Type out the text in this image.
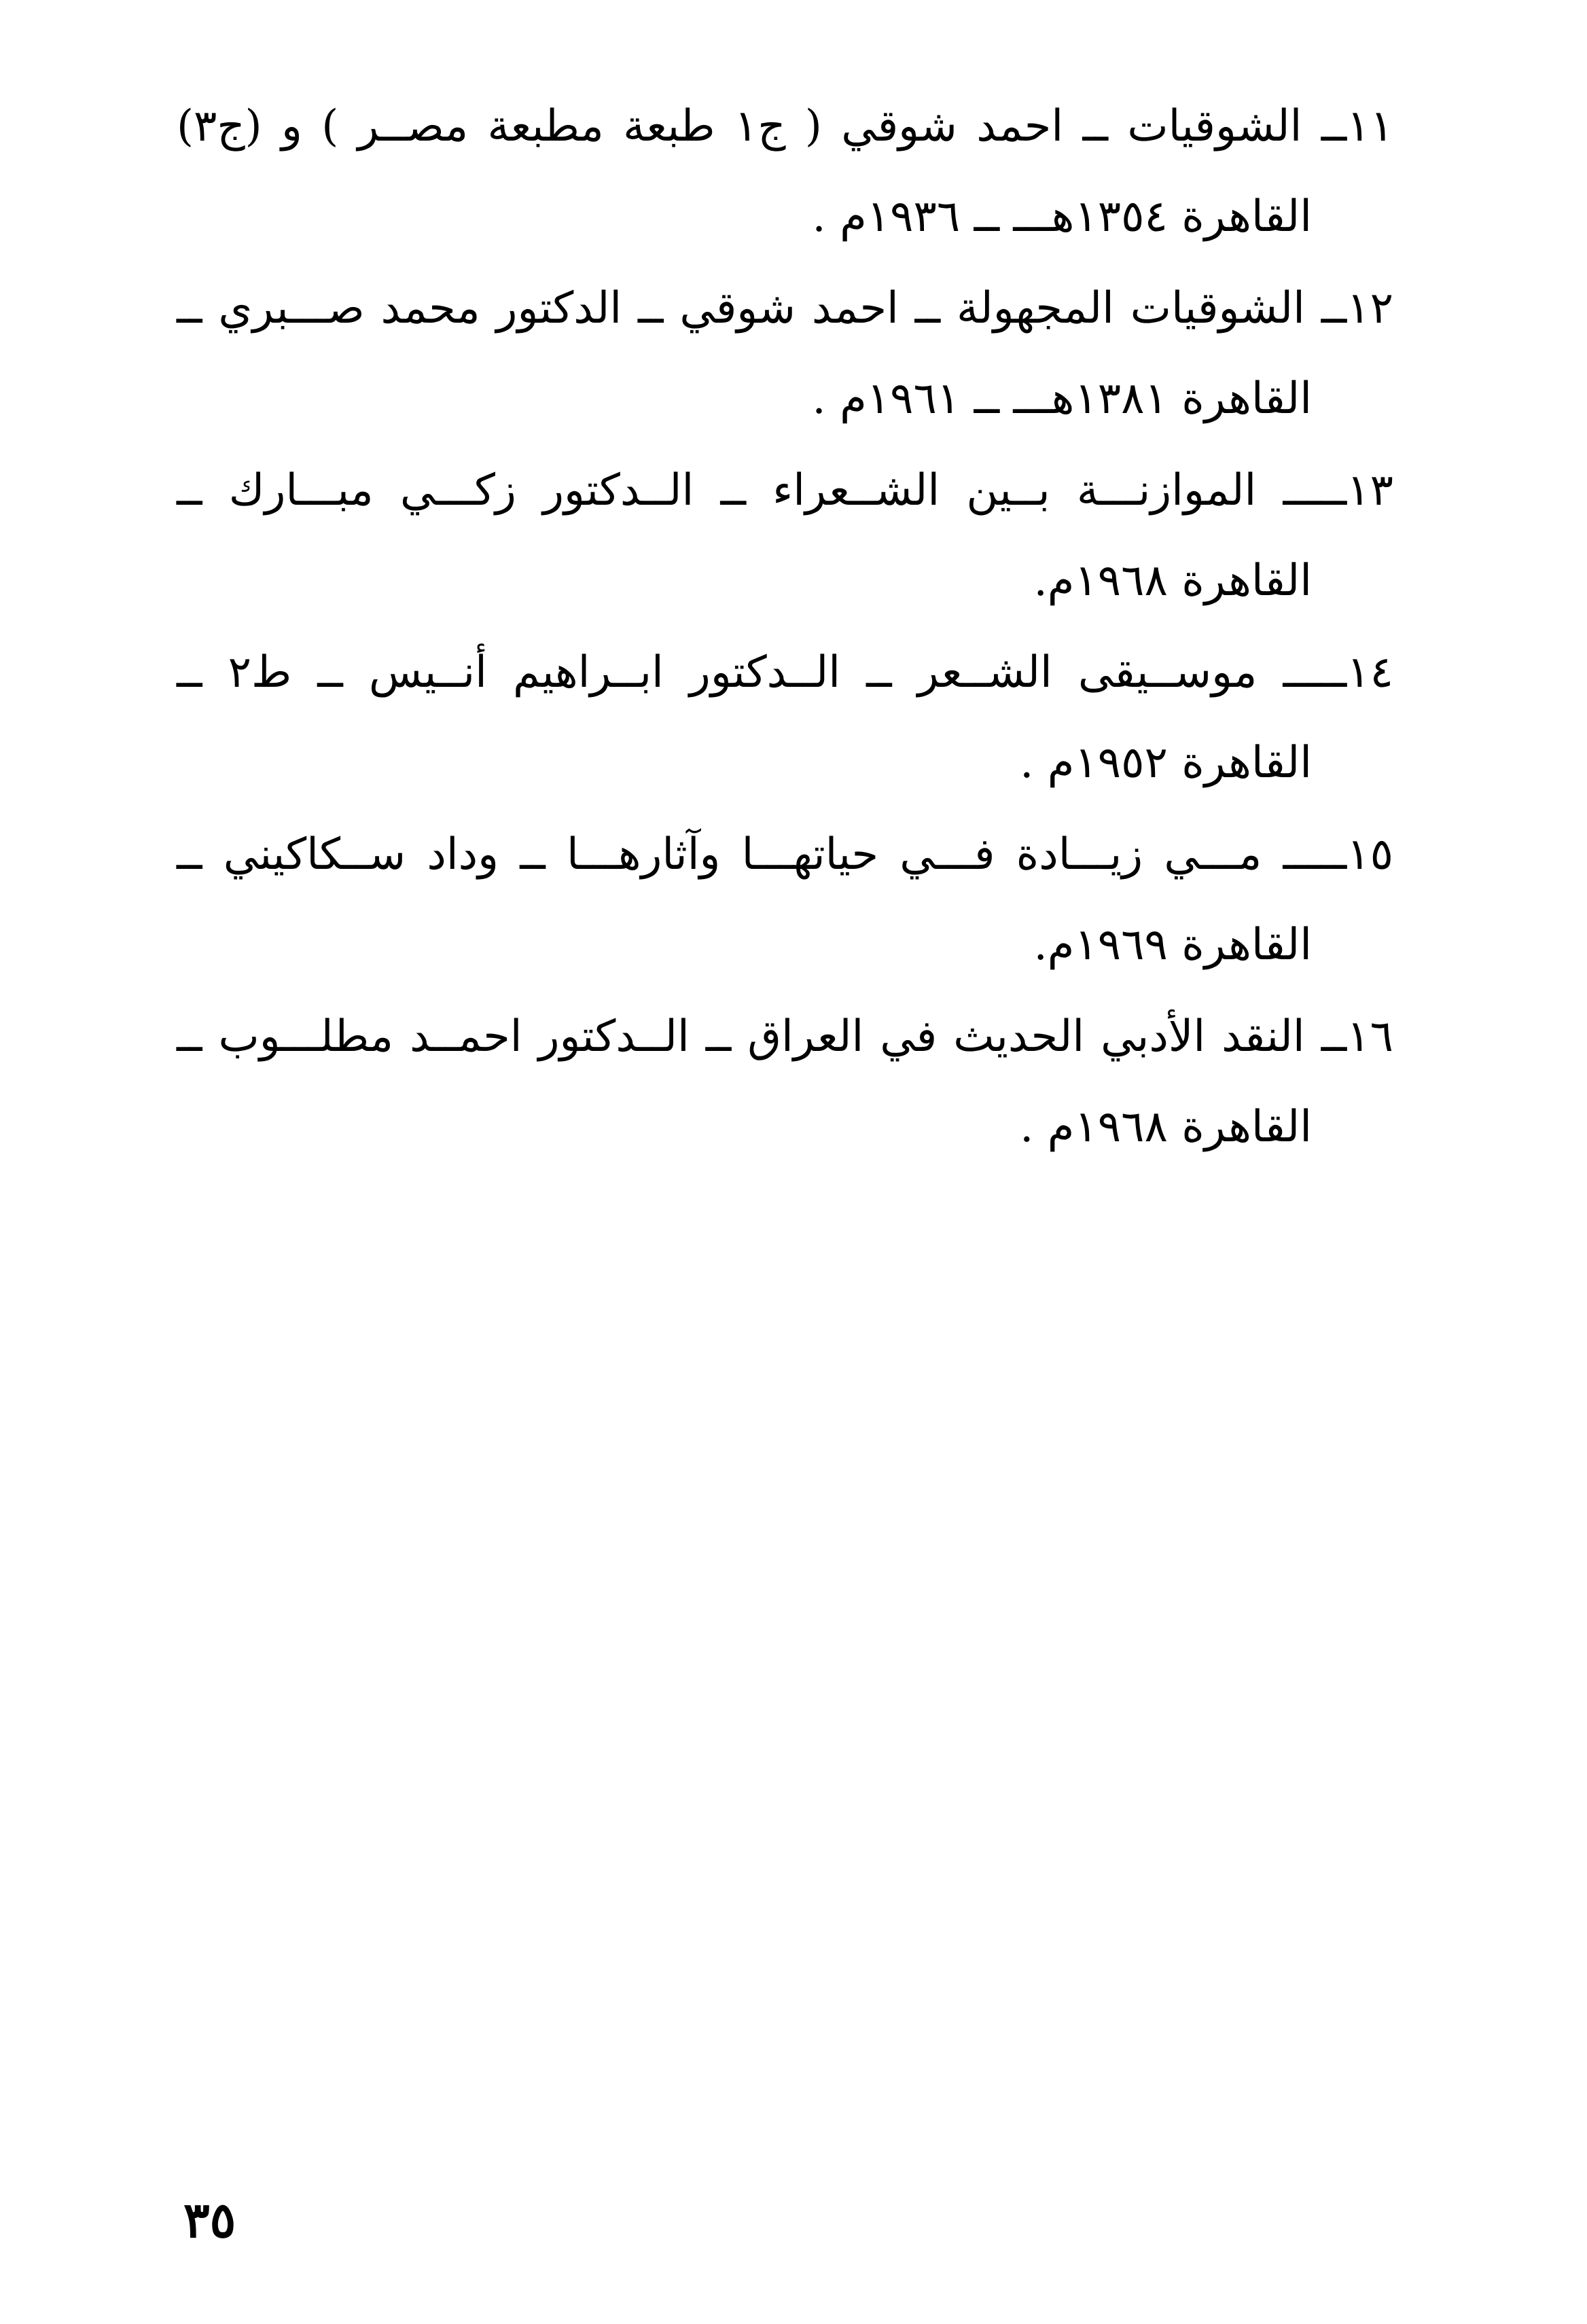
١١ــ الشوقيات ــ احمد شوقي ( ج١ طبعة مطبعة مصــر ) و (ج٣)
القاهرة ١٣٥٤هـــ ــ ١٩٣٦م .
١٢ــ الشوقيات المجهولة ــ احمد شوقي ــ الدكتور محمد صـــبري ــ
القاهرة ١٣٨١هـــ ــ ١٩٦١م .
١٣ـــــ الموازنـــة بــين الشــعراء ــ الــدكتور زكـــي مبـــارك ــ
القاهرة ١٩٦٨م.
١٤ـــــ موســيقى الشــعر ــ الــدكتور ابــراهيم أنــيس ــ ط٢ ــ
القاهرة ١٩٥٢م .
١٥ـــــ مـــي زيـــادة فـــي حياتهـــا وآثارهـــا ــ وداد ســكاكيني ــ
القاهرة ١٩٦٩م.
١٦ــ النقد الأدبي الحديث في العراق ــ الــدكتور احمــد مطلـــوب ــ
القاهرة ١٩٦٨م .
٣٥
